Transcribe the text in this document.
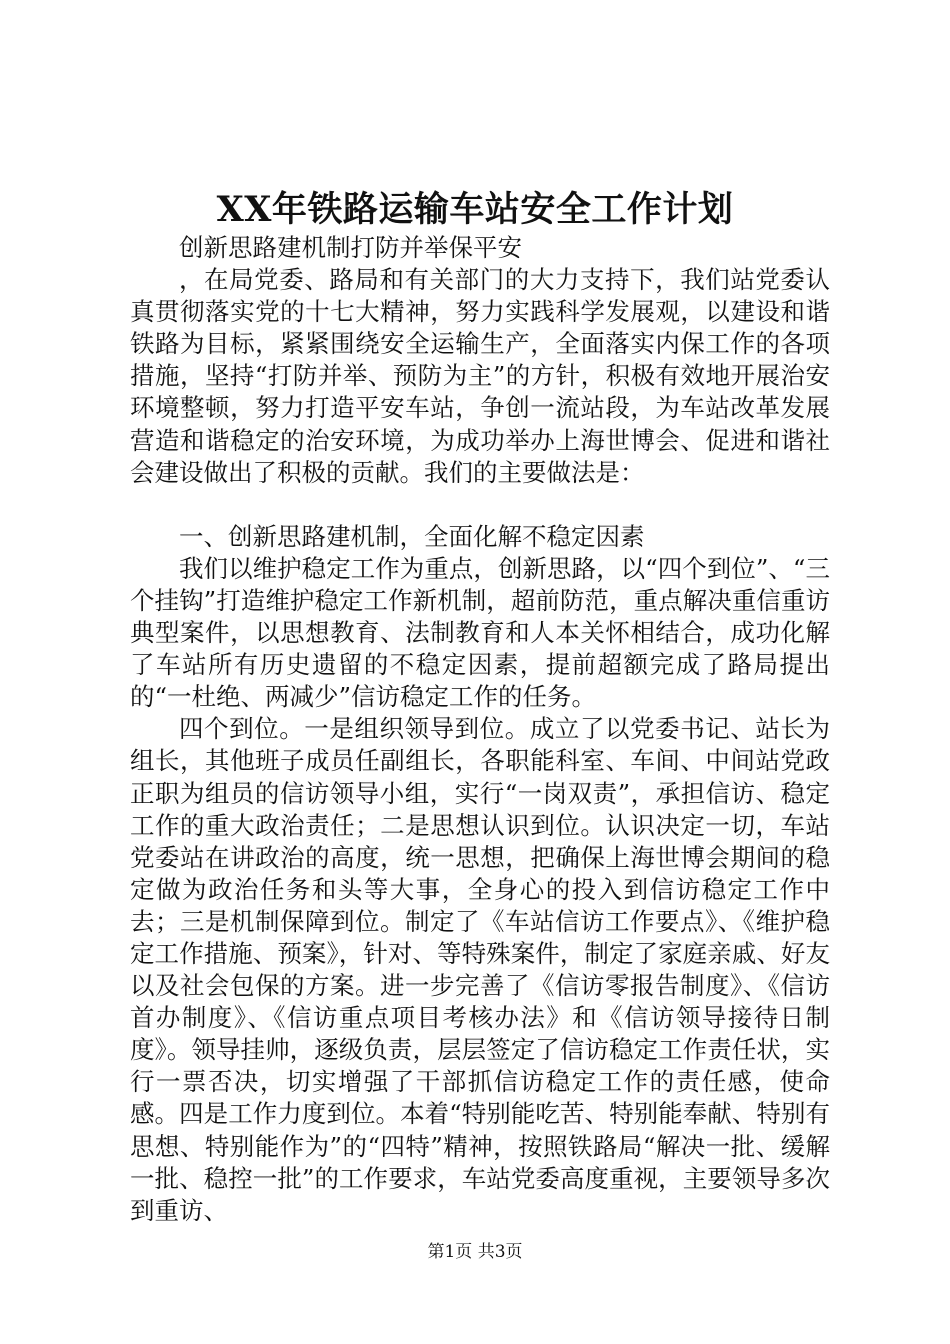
XX年铁路运输车站安全工作计划

创新思路建机制打防并举保平安

，在局党委、路局和有关部门的大力支持下，我们站党委认真贯彻落实党的十七大精神，努力实践科学发展观，以建设和谐铁路为目标，紧紧围绕安全运输生产，全面落实内保工作的各项措施，坚持“打防并举、预防为主”的方针，积极有效地开展治安环境整顿，努力打造平安车站，争创一流站段，为车站改革发展营造和谐稳定的治安环境，为成功举办上海世博会、促进和谐社会建设做出了积极的贡献。我们的主要做法是：

一、创新思路建机制，全面化解不稳定因素

我们以维护稳定工作为重点，创新思路，以“四个到位”、“三个挂钩”打造维护稳定工作新机制，超前防范，重点解决重信重访典型案件，以思想教育、法制教育和人本关怀相结合，成功化解了车站所有历史遗留的不稳定因素，提前超额完成了路局提出的“一杜绝、两减少”信访稳定工作的任务。

四个到位。一是组织领导到位。成立了以党委书记、站长为组长，其他班子成员任副组长，各职能科室、车间、中间站党政正职为组员的信访领导小组，实行“一岗双责”，承担信访、稳定工作的重大政治责任；二是思想认识到位。认识决定一切，车站党委站在讲政治的高度，统一思想，把确保上海世博会期间的稳定做为政治任务和头等大事，全身心的投入到信访稳定工作中去；三是机制保障到位。制定了《车站信访工作要点》、《维护稳定工作措施、预案》，针对、等特殊案件，制定了家庭亲戚、好友以及社会包保的方案。进一步完善了《信访零报告制度》、《信访首办制度》、《信访重点项目考核办法》和《信访领导接待日制度》。领导挂帅，逐级负责，层层签定了信访稳定工作责任状，实行一票否决，切实增强了干部抓信访稳定工作的责任感，使命感。四是工作力度到位。本着“特别能吃苦、特别能奉献、特别有思想、特别能作为”的“四特”精神，按照铁路局“解决一批、缓解一批、稳控一批”的工作要求，车站党委高度重视，主要领导多次到重访、

第1页 共3页
